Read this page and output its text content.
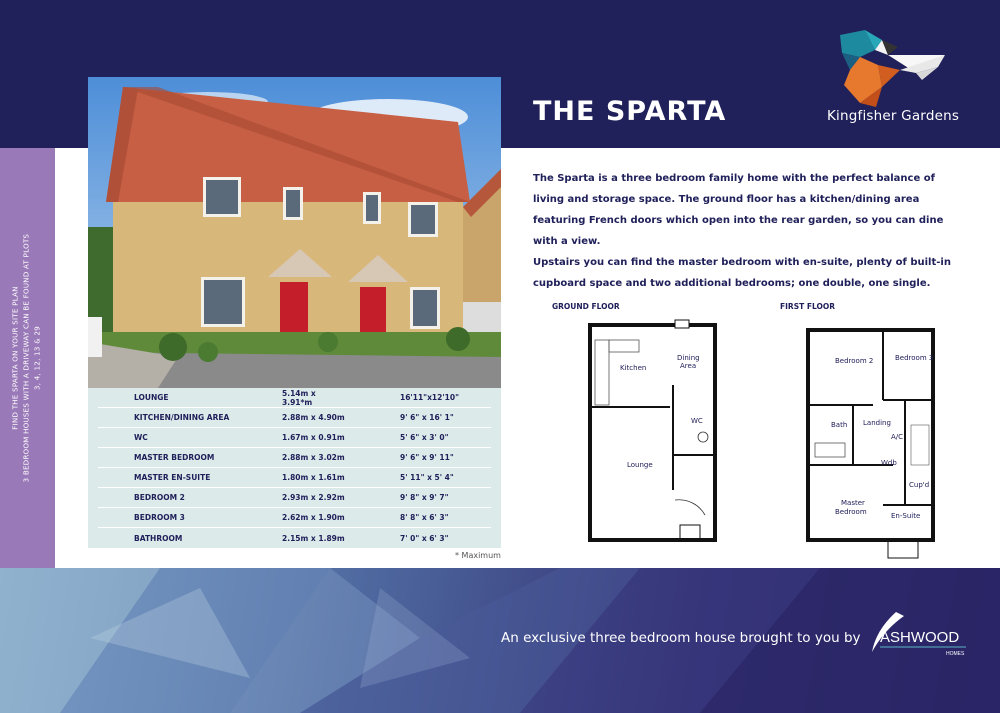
FIND THE SPARTA ON YOUR SITE PLAN 3 BEDROOM HOUSES WITH A DRIVEWAY CAN BE FOUND AT PLOTS 3, 4, 12, 13 & 29
LOUNGE	5.14m x 3.91*m	16'11"x12'10"
KITCHEN/DINING AREA	2.88m x 4.90m	9' 6" x 16' 1"
WC	1.67m x 0.91m	5' 6" x 3' 0"
MASTER BEDROOM	2.88m x 3.02m	9' 6" x 9' 11"
MASTER EN-SUITE	1.80m x 1.61m	5' 11" x 5' 4"
BEDROOM 2	2.93m x 2.92m	9' 8" x 9' 7"
BEDROOM 3	2.62m x 1.90m	8' 8" x 6' 3"
BATHROOM	2.15m x 1.89m	7' 0" x 6' 3"
* Maximum
THE SPARTA	Kingfisher Gardens
The Sparta is a three bedroom family home with the perfect balance of living and storage space. The ground floor has a kitchen/dining area featuring French doors which open into the rear garden, so you can dine with a view.
Upstairs you can find the master bedroom with en-suite, plenty of built-in cupboard space and two additional bedrooms; one double, one single.
GROUND FLOOR	FIRST FLOOR
Kitchen
Dining
Area
WC
Lounge
Bedroom 2	Bedroom 3
Bath Landing
A/C
Wdb
Cup'd
Master
Bedroom	En-Suite
An exclusive three bedroom house brought to you by ASHWOOD
HOMES
